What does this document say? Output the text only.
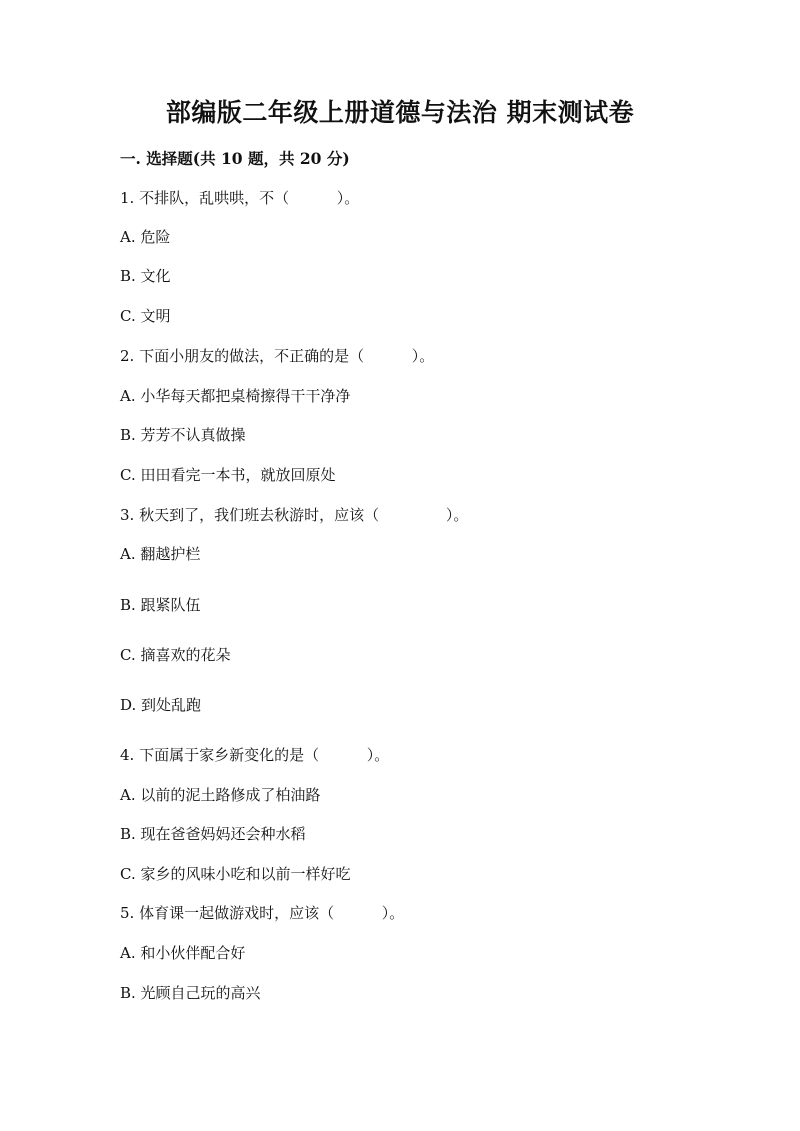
部编版二年级上册道德与法治 期末测试卷
一. 选择题(共 10 题，共 20 分)
1. 不排队，乱哄哄，不（          ）。
A. 危险
B. 文化
C. 文明
2. 下面小朋友的做法，不正确的是（          ）。
A. 小华每天都把桌椅擦得干干净净
B. 芳芳不认真做操
C. 田田看完一本书，就放回原处
3. 秋天到了，我们班去秋游时，应该（              ）。
A. 翻越护栏
B. 跟紧队伍
C. 摘喜欢的花朵
D. 到处乱跑
4. 下面属于家乡新变化的是（          ）。
A. 以前的泥土路修成了柏油路
B. 现在爸爸妈妈还会种水稻
C. 家乡的风味小吃和以前一样好吃
5. 体育课一起做游戏时，应该（          ）。
A. 和小伙伴配合好
B. 光顾自己玩的高兴
